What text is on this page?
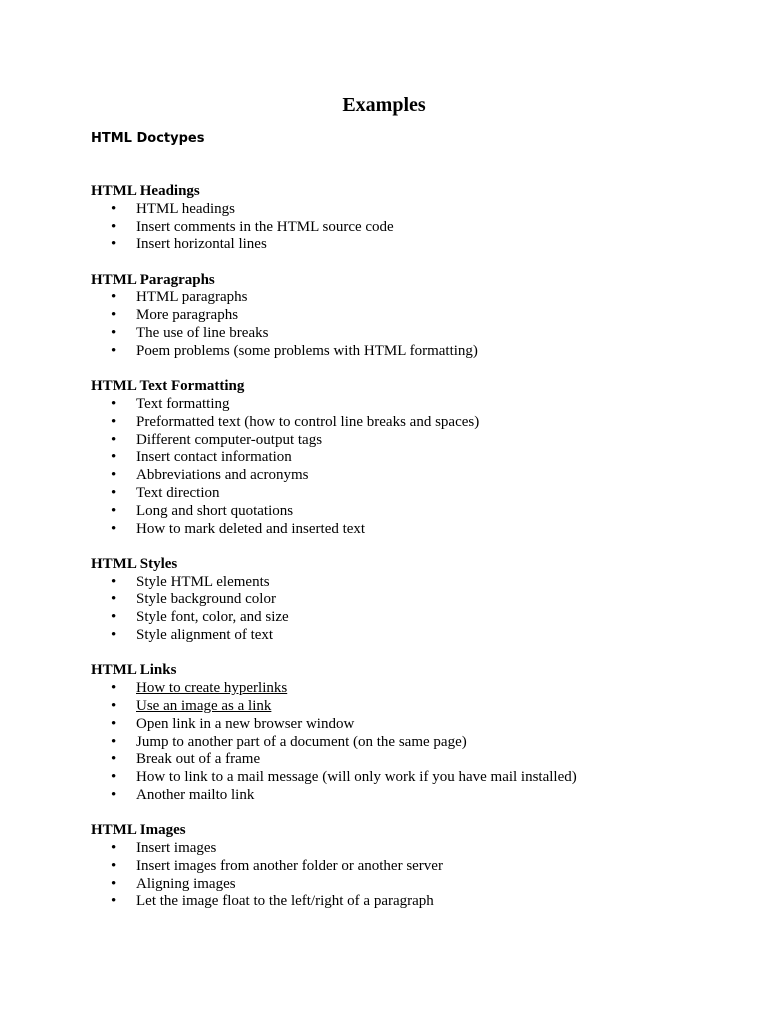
Examples

HTML Doctypes

HTML Headings

• HTML headings
• Insert comments in the HTML source code
• Insert horizontal lines

HTML Paragraphs

• HTML paragraphs
• More paragraphs
• The use of line breaks
• Poem problems (some problems with HTML formatting)

HTML Text Formatting

• Text formatting
• Preformatted text (how to control line breaks and spaces)
• Different computer-output tags
• Insert contact information
• Abbreviations and acronyms
• Text direction
• Long and short quotations
• How to mark deleted and inserted text

HTML Styles

• Style HTML elements
• Style background color
• Style font, color, and size
• Style alignment of text

HTML Links

• How to create hyperlinks
• Use an image as a link
• Open link in a new browser window
• Jump to another part of a document (on the same page)
• Break out of a frame
• How to link to a mail message (will only work if you have mail installed)
• Another mailto link

HTML Images

• Insert images
• Insert images from another folder or another server
• Aligning images
• Let the image float to the left/right of a paragraph
